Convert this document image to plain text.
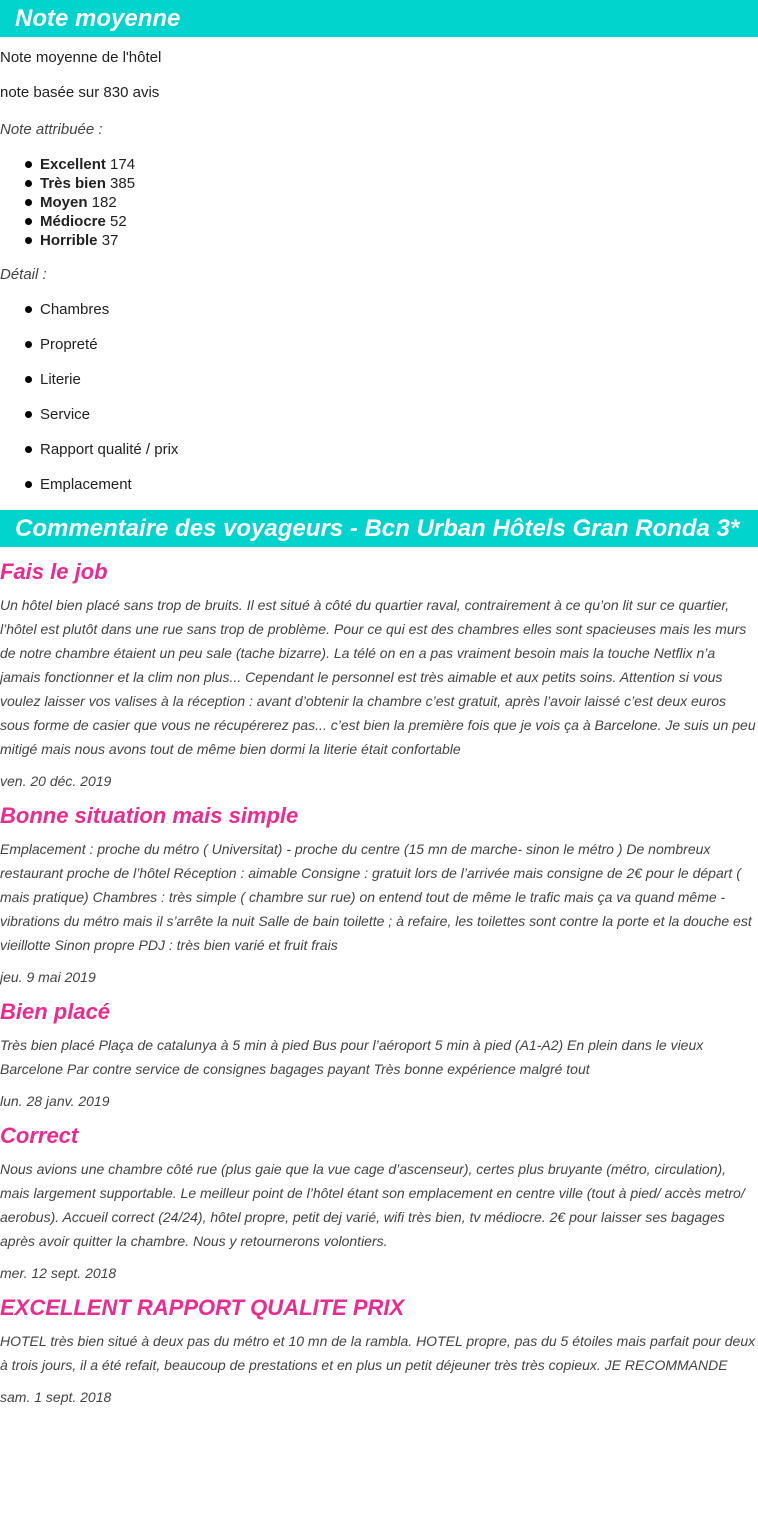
Note moyenne
Note moyenne de l'hôtel
note basée sur 830 avis
Note attribuée :
Excellent 174
Très bien 385
Moyen 182
Médiocre 52
Horrible 37
Détail :
Chambres
Propreté
Literie
Service
Rapport qualité / prix
Emplacement
Commentaire des voyageurs - Bcn Urban Hôtels Gran Ronda 3*
Fais le job

Un hôtel bien placé sans trop de bruits. Il est situé à côté du quartier raval, contrairement à ce qu’on lit sur ce quartier, l’hôtel est plutôt dans une rue sans trop de problème. Pour ce qui est des chambres elles sont spacieuses mais les murs de notre chambre étaient un peu sale (tache bizarre). La télé on en a pas vraiment besoin mais la touche Netflix n’a jamais fonctionner et la clim non plus... Cependant le personnel est très aimable et aux petits soins. Attention si vous voulez laisser vos valises à la réception : avant d’obtenir la chambre c’est gratuit, après l’avoir laissé c’est deux euros sous forme de casier que vous ne récupérerez pas... c’est bien la première fois que je vois ça à Barcelone. Je suis un peu mitigé mais nous avons tout de même bien dormi la literie était confortable

ven. 20 déc. 2019

Bonne situation mais simple

Emplacement : proche du métro ( Universitat) - proche du centre (15 mn de marche- sinon le métro ) De nombreux restaurant proche de l’hôtel Réception : aimable Consigne : gratuit lors de l’arrivée mais consigne de 2€ pour le départ ( mais pratique) Chambres : très simple ( chambre sur rue) on entend tout de même le trafic mais ça va quand même -vibrations du métro mais il s’arrête la nuit Salle de bain toilette ; à refaire, les toilettes sont contre la porte et la douche est vieillotte Sinon propre PDJ : très bien varié et fruit frais

jeu. 9 mai 2019

Bien placé

Très bien placé Plaça de catalunya à 5 min à pied Bus pour l’aéroport 5 min à pied (A1-A2) En plein dans le vieux Barcelone Par contre service de consignes bagages payant Très bonne expérience malgré tout

lun. 28 janv. 2019

Correct

Nous avions une chambre côté rue (plus gaie que la vue cage d’ascenseur), certes plus bruyante (métro, circulation), mais largement supportable. Le meilleur point de l’hôtel étant son emplacement en centre ville (tout à pied/ accès metro/ aerobus). Accueil correct (24/24), hôtel propre, petit dej varié, wifi très bien, tv médiocre. 2€ pour laisser ses bagages après avoir quitter la chambre. Nous y retournerons volontiers.

mer. 12 sept. 2018

EXCELLENT RAPPORT QUALITE PRIX

HOTEL très bien situé à deux pas du métro et 10 mn de la rambla. HOTEL propre, pas du 5 étoiles mais parfait pour deux à trois jours, il a été refait, beaucoup de prestations et en plus un petit déjeuner très très copieux. JE RECOMMANDE

sam. 1 sept. 2018
